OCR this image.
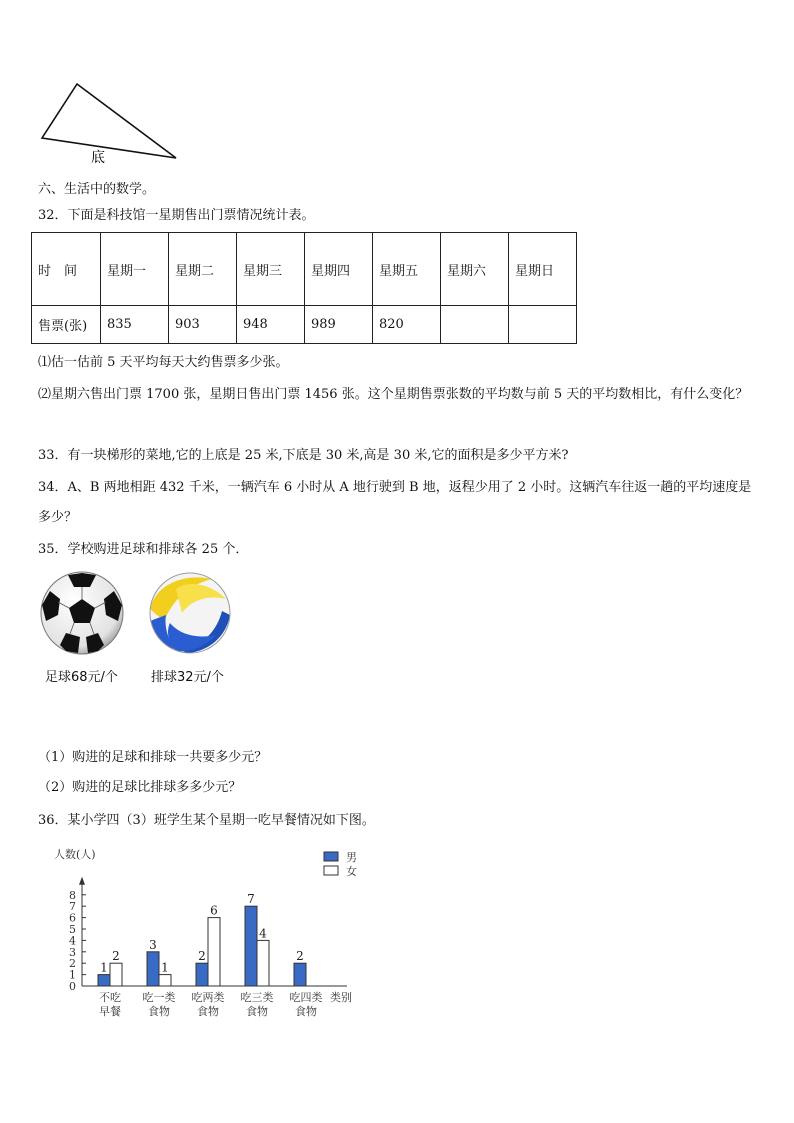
底
六、生活中的数学。
32．下面是科技馆一星期售出门票情况统计表。
时　间	星期一	星期二	星期三	星期四	星期五	星期六	星期日
售票(张)	835	903	948	989	820		
⑴估一估前 5 天平均每天大约售票多少张。
⑵星期六售出门票 1700 张，星期日售出门票 1456 张。这个星期售票张数的平均数与前 5 天的平均数相比，有什么变化？
33．有一块梯形的菜地,它的上底是 25 米,下底是 30 米,高是 30 米,它的面积是多少平方米?
34．A、B 两地相距 432 千米，一辆汽车 6 小时从 A 地行驶到 B 地，返程少用了 2 小时。这辆汽车往返一趟的平均速度是多少？
35．学校购进足球和排球各 25 个．
足球68元/个	排球32元/个
（1）购进的足球和排球一共要多少元？
（2）购进的足球比排球多多少元？
36．某小学四（3）班学生某个星期一吃早餐情况如下图。
人数(人)
0
1
2
3
4
5
6
7
8
1
2
不吃
早餐
3
1
吃一类
食物
2
6
吃两类
食物
7
4
吃三类
食物
2
吃四类
食物
类别
男
女
